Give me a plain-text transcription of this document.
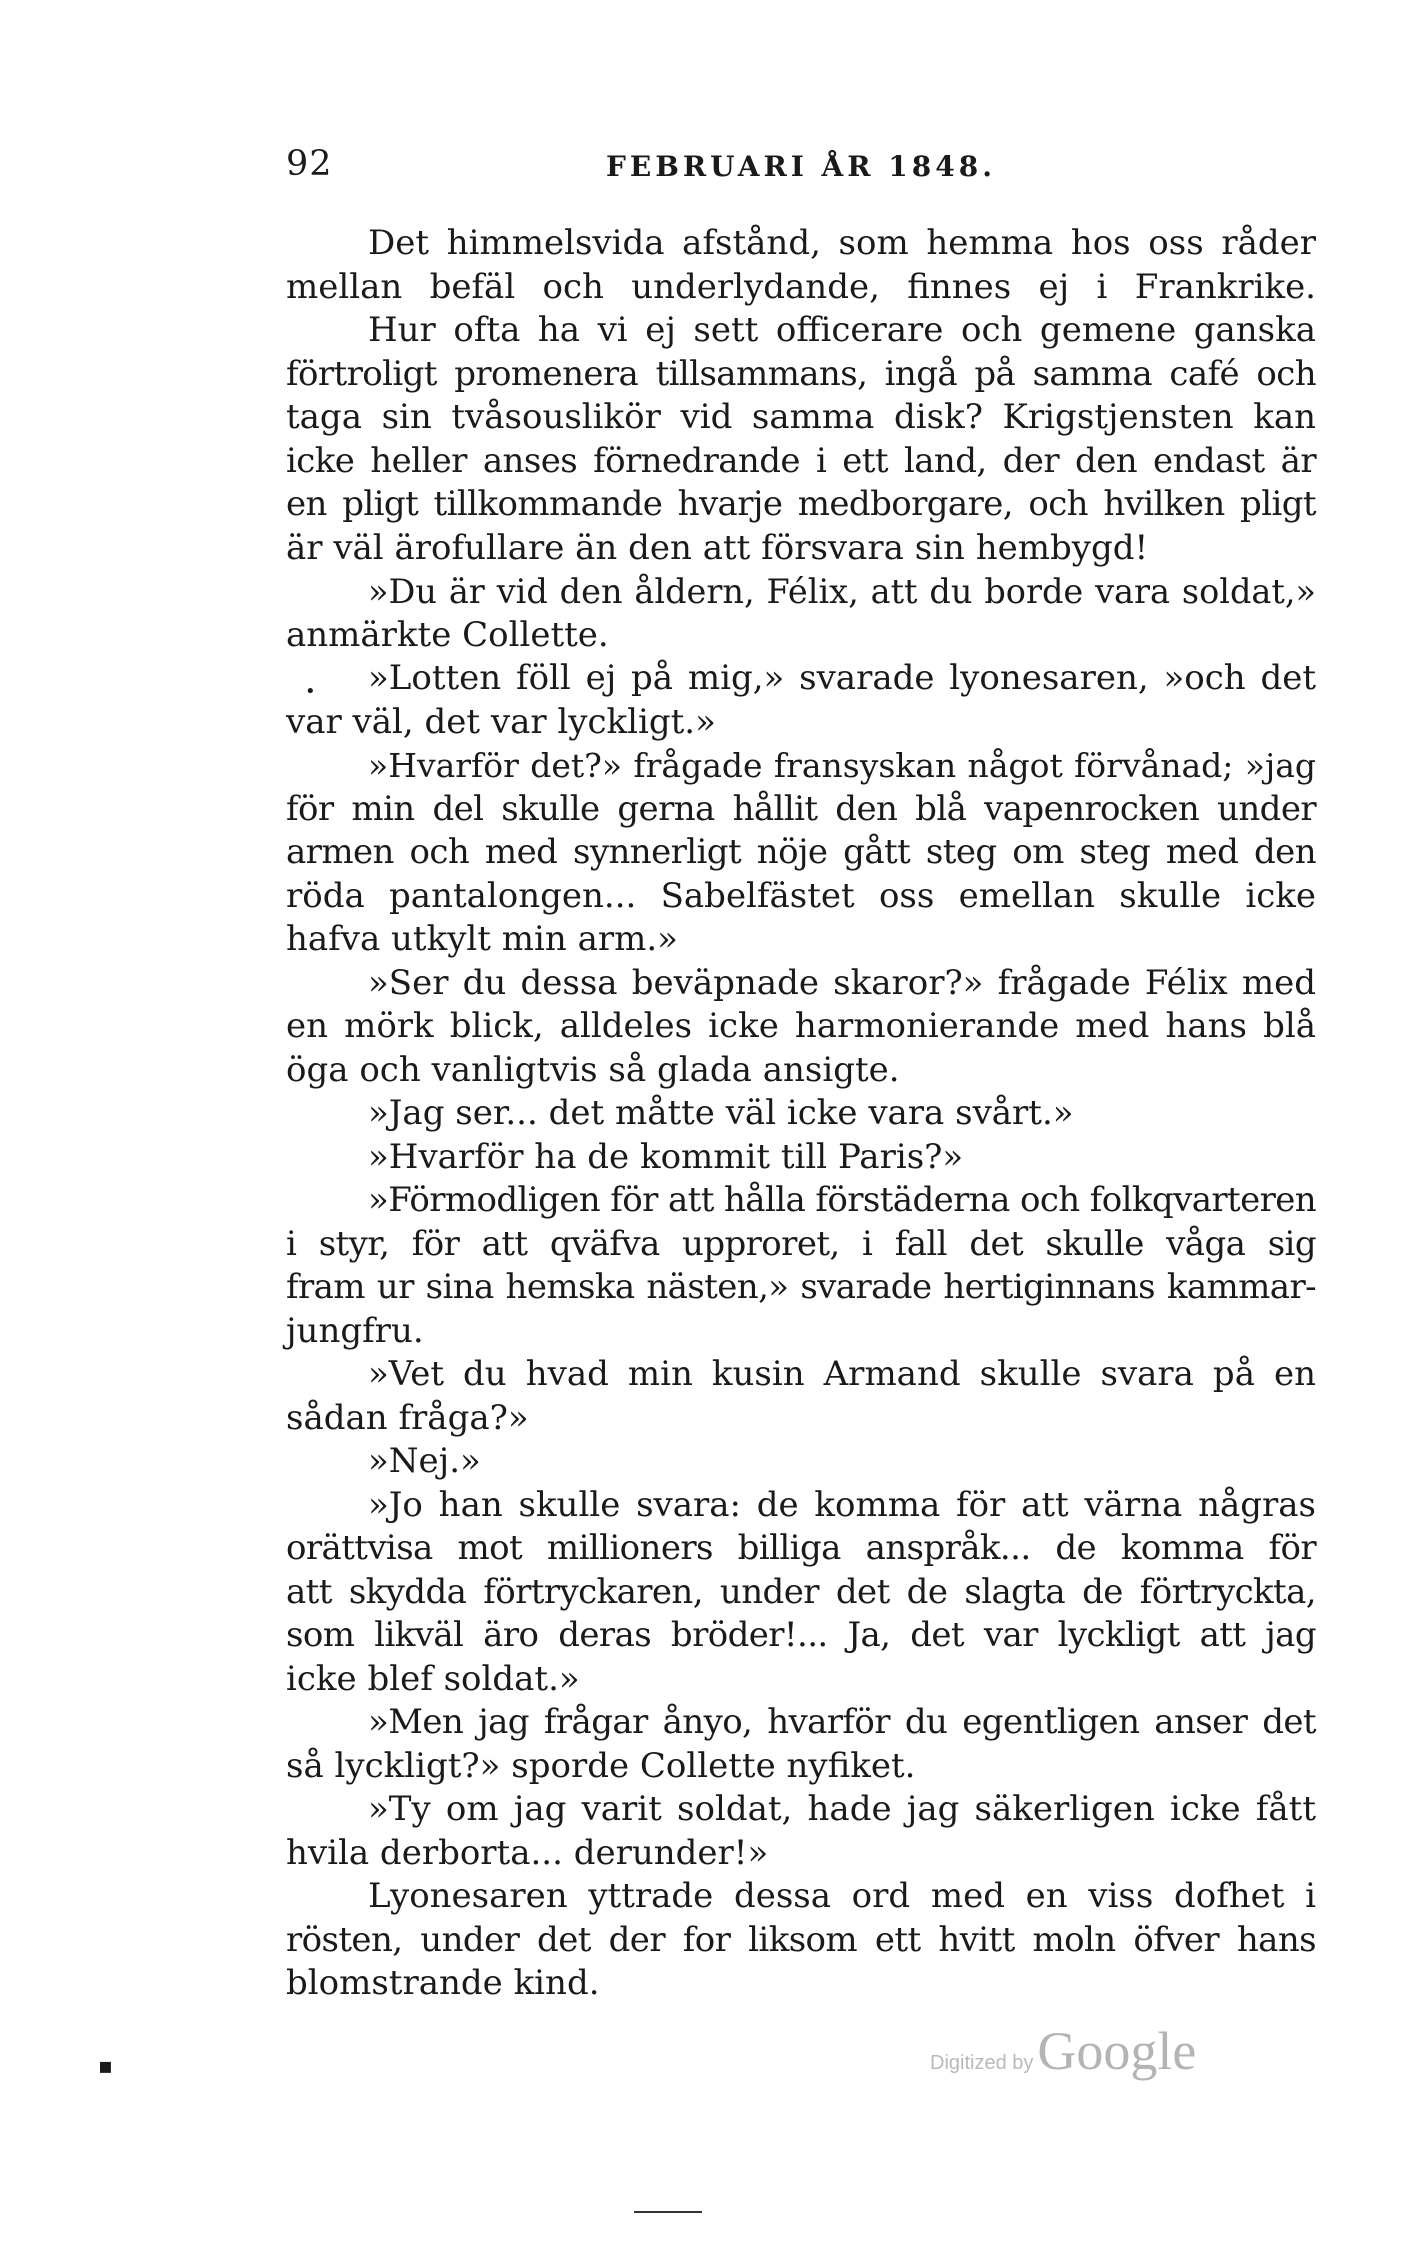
92	FEBRUARI ÅR 1848.
Det himmelsvida afstånd, som hemma hos oss råder
mellan befäl och underlydande, finnes ej i Frankrike.
Hur ofta ha vi ej sett officerare och gemene ganska
förtroligt promenera tillsammans, ingå på samma café och
taga sin tvåsouslikör vid samma disk? Krigstjensten kan
icke heller anses förnedrande i ett land, der den endast är
en pligt tillkommande hvarje medborgare, och hvilken pligt
är väl ärofullare än den att försvara sin hembygd!
»Du är vid den åldern, Félix, att du borde vara soldat,»
anmärkte Collette.
»Lotten föll ej på mig,» svarade lyonesaren, »och det
var väl, det var lyckligt.»
»Hvarför det?» frågade fransyskan något förvånad; »jag
för min del skulle gerna hållit den blå vapenrocken under
armen och med synnerligt nöje gått steg om steg med den
röda pantalongen... Sabelfästet oss emellan skulle icke
hafva utkylt min arm.»
»Ser du dessa beväpnade skaror?» frågade Félix med
en mörk blick, alldeles icke harmonierande med hans blå
öga och vanligtvis så glada ansigte.
»Jag ser... det måtte väl icke vara svårt.»
»Hvarför ha de kommit till Paris?»
»Förmodligen för att hålla förstäderna och folkqvarteren
i styr, för att qväfva upproret, i fall det skulle våga sig
fram ur sina hemska nästen,» svarade hertiginnans kammar-
jungfru.
»Vet du hvad min kusin Armand skulle svara på en
sådan fråga?»
»Nej.»
»Jo han skulle svara: de komma för att värna någras
orättvisa mot millioners billiga anspråk... de komma för
att skydda förtryckaren, under det de slagta de förtryckta,
som likväl äro deras bröder!... Ja, det var lyckligt att jag
icke blef soldat.»
»Men jag frågar ånyo, hvarför du egentligen anser det
så lyckligt?» sporde Collette nyfiket.
»Ty om jag varit soldat, hade jag säkerligen icke fått
hvila derborta... derunder!»
Lyonesaren yttrade dessa ord med en viss dofhet i
rösten, under det der for liksom ett hvitt moln öfver hans
blomstrande kind.
•
▪	Digitized byGoogle
